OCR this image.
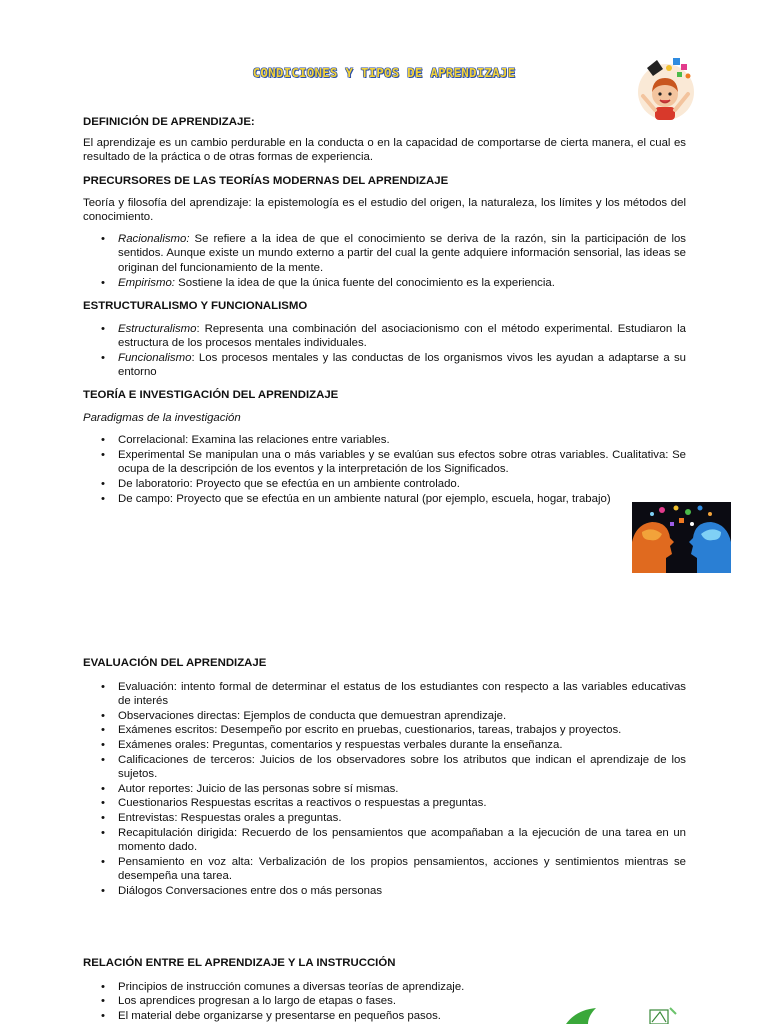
CONDICIONES Y TIPOS DE APRENDIZAJE
DEFINICIÓN DE APRENDIZAJE:

El aprendizaje es un cambio perdurable en la conducta o en la capacidad de comportarse de cierta manera, el cual es resultado de la práctica o de otras formas de experiencia.

PRECURSORES DE LAS TEORÍAS MODERNAS DEL APRENDIZAJE

Teoría y filosofía del aprendizaje: la epistemología es el estudio del origen, la naturaleza, los límites y los métodos del conocimiento.

• Racionalismo: Se refiere a la idea de que el conocimiento se deriva de la razón, sin la participación de los sentidos. Aunque existe un mundo externo a partir del cual la gente adquiere información sensorial, las ideas se originan del funcionamiento de la mente.
• Empirismo: Sostiene la idea de que la única fuente del conocimiento es la experiencia.
ESTRUCTURALISMO Y FUNCIONALISMO
• Estructuralismo: Representa una combinación del asociacionismo con el método experimental. Estudiaron la estructura de los procesos mentales individuales.
• Funcionalismo: Los procesos mentales y las conductas de los organismos vivos les ayudan a adaptarse a su entorno
TEORÍA E INVESTIGACIÓN DEL APRENDIZAJE

Paradigmas de la investigación

• Correlacional: Examina las relaciones entre variables.
• Experimental Se manipulan una o más variables y se evalúan sus efectos sobre otras variables. Cualitativa: Se ocupa de la descripción de los eventos y la interpretación de los Significados.
• De laboratorio: Proyecto que se efectúa en un ambiente controlado.
• De campo: Proyecto que se efectúa en un ambiente natural (por ejemplo, escuela, hogar, trabajo)
EVALUACIÓN DEL APRENDIZAJE
• Evaluación: intento formal de determinar el estatus de los estudiantes con respecto a las variables educativas de interés
• Observaciones directas: Ejemplos de conducta que demuestran aprendizaje.
• Exámenes escritos: Desempeño por escrito en pruebas, cuestionarios, tareas, trabajos y proyectos.
• Exámenes orales: Preguntas, comentarios y respuestas verbales durante la enseñanza.
• Calificaciones de terceros: Juicios de los observadores sobre los atributos que indican el aprendizaje de los sujetos.
• Autor reportes: Juicio de las personas sobre sí mismas.
• Cuestionarios Respuestas escritas a reactivos o respuestas a preguntas.
• Entrevistas: Respuestas orales a preguntas.
• Recapitulación dirigida: Recuerdo de los pensamientos que acompañaban a la ejecución de una tarea en un momento dado.
• Pensamiento en voz alta: Verbalización de los propios pensamientos, acciones y sentimientos mientras se desempeña una tarea.
• Diálogos Conversaciones entre dos o más personas
RELACIÓN ENTRE EL APRENDIZAJE Y LA INSTRUCCIÓN
• Principios de instrucción comunes a diversas teorías de aprendizaje.
• Los aprendices progresan a lo largo de etapas o fases.
• El material debe organizarse y presentarse en pequeños pasos.
